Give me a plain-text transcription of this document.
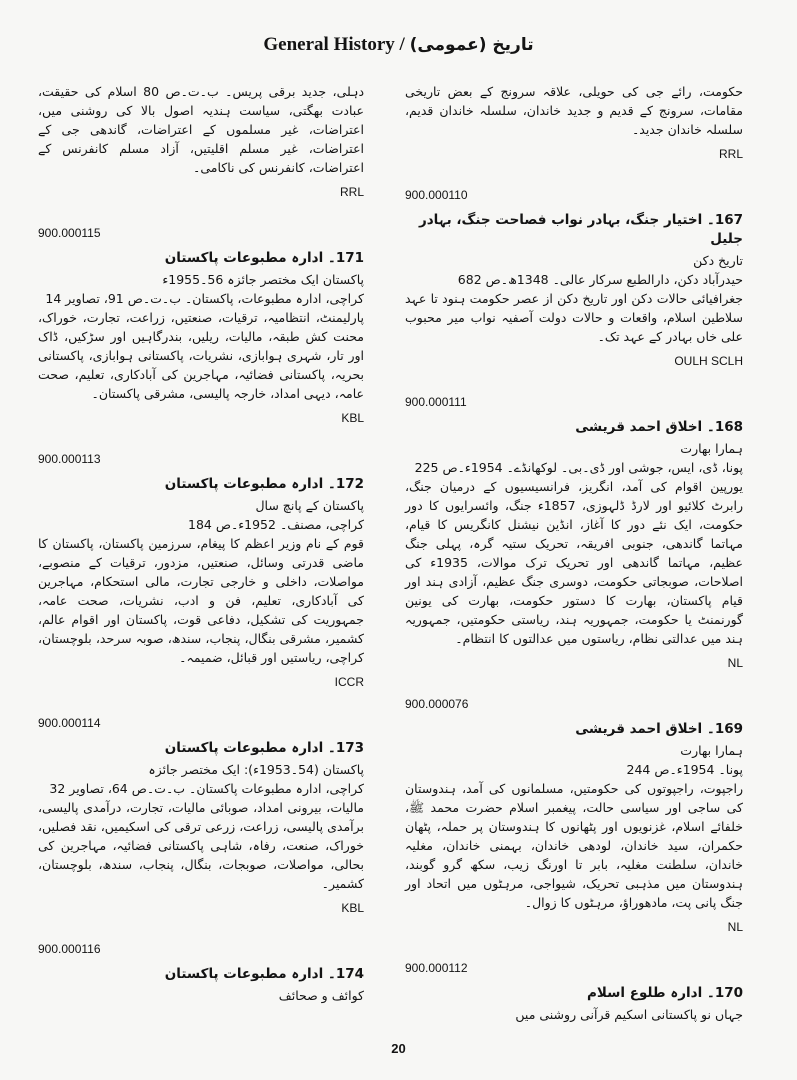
General History / تاریخ (عمومی)
حکومت، رائے جی کی حویلی، علاقہ سرونج کے بعض تاریخی مقامات، سرونج کے قدیم و جدید خاندان، سلسلہ خاندان قدیم، سلسلہ خاندان جدید۔
RRL
900.000110
167۔ اختیار جنگ، بہادر نواب فصاحت جنگ، بہادر جلیل
تاریخ دکن
حیدرآباد دکن، دارالطبع سرکار عالی۔ 1348ھ۔ص 682
جغرافیائی حالات دکن اور تاریخ دکن از عصر حکومت ہنود تا عہد سلاطین اسلام، واقعات و حالات دولت آصفیہ نواب میر محبوب علی خاں بہادر کے عہد تک۔
OULH SCLH
900.000111
168۔ اخلاق احمد قریشی
ہمارا بھارت
پونا، ڈی، ایس، جوشی اور ڈی۔بی۔ لوکھانڈے۔ 1954ء۔ص 225
یورپین اقوام کی آمد، انگریز، فرانسیسیوں کے درمیان جنگ، رابرٹ کلائیو اور لارڈ ڈلہوزی، 1857ء جنگ، وائسرایوں کا دور حکومت، ایک نئے دور کا آغاز، انڈین نیشنل کانگریس کا قیام، مہاتما گاندھی، جنوبی افریقہ، تحریک ستیہ گرہ، پہلی جنگ عظیم، مہاتما گاندھی اور تحریک ترک موالات، 1935ء کی اصلاحات، صوبجاتی حکومت، دوسری جنگ عظیم، آزادی ہند اور قیام پاکستان، بھارت کا دستور حکومت، بھارت کی یونین گورنمنٹ یا حکومت، جمہوریہ ہند، ریاستی حکومتیں، جمہوریہ ہند میں عدالتی نظام، ریاستوں میں عدالتوں کا انتظام۔
NL
900.000076
169۔ اخلاق احمد قریشی
ہمارا بھارت
پونا۔ 1954ء۔ص 244
راجپوت، راجپوتوں کی حکومتیں، مسلمانوں کی آمد، ہندوستان کی ساجی اور سیاسی حالت، پیغمبر اسلام حضرت محمد ﷺ، خلفائے اسلام، غزنویوں اور پٹھانوں کا ہندوستان پر حملہ، پٹھان حکمران، سید خاندان، لودھی خاندان، بہمنی خاندان، مغلیہ خاندان، سلطنت مغلیہ، بابر تا اورنگ زیب، سکھ گرو گوبند، ہندوستان میں مذہبی تحریک، شیواجی، مرہٹوں میں اتحاد اور جنگ پانی پت، مادھوراؤ، مرہٹوں کا زوال۔
NL
900.000112
170۔ ادارہ طلوع اسلام
جہاں نو پاکستانی اسکیم قرآنی روشنی میں
دہلی، جدید برقی پریس۔ ب۔ت۔ص 80 اسلام کی حقیقت، عبادت بھگتی، سیاست ہندیہ اصول بالا کی روشنی میں، اعتراضات، غیر مسلموں کے اعتراضات، گاندھی جی کے اعتراضات، غیر مسلم اقلیتیں، آزاد مسلم کانفرنس کے اعتراضات، کانفرنس کی ناکامی۔
RRL
900.000115
171۔ ادارہ مطبوعات پاکستان
پاکستان ایک مختصر جائزہ 56۔1955ء
کراچی، ادارہ مطبوعات، پاکستان۔ ب۔ت۔ص 91، تصاویر 14
پارلیمنٹ، انتظامیہ، ترقیات، صنعتیں، زراعت، تجارت، خوراک، محنت کش طبقہ، مالیات، ریلیں، بندرگاہیں اور سڑکیں، ڈاک اور تار، شہری ہوابازی، نشریات، پاکستانی ہوابازی، پاکستانی بحریہ، پاکستانی فضائیہ، مہاجرین کی آبادکاری، تعلیم، صحت عامہ، دیہی امداد، خارجہ پالیسی، مشرقی پاکستان۔
KBL
900.000113
172۔ ادارہ مطبوعات پاکستان
پاکستان کے پانچ سال
کراچی، مصنف۔ 1952ء۔ص 184
قوم کے نام وزیر اعظم کا پیغام، سرزمین پاکستان، پاکستان کا ماضی قدرتی وسائل، صنعتیں، مزدور، ترقیات کے منصوبے، مواصلات، داخلی و خارجی تجارت، مالی استحکام، مہاجرین کی آبادکاری، تعلیم، فن و ادب، نشریات، صحت عامہ، جمہوریت کی تشکیل، دفاعی قوت، پاکستان اور اقوام عالم، کشمیر، مشرقی بنگال، پنجاب، سندھ، صوبہ سرحد، بلوچستان، کراچی، ریاستیں اور قبائل، ضمیمہ۔
ICCR
900.000114
173۔ ادارہ مطبوعات پاکستان
پاکستان (54۔1953ء): ایک مختصر جائزہ
کراچی، ادارہ مطبوعات پاکستان۔ ب۔ت۔ص 64، تصاویر 32
مالیات، بیرونی امداد، صوبائی مالیات، تجارت، درآمدی پالیسی، برآمدی پالیسی، زراعت، زرعی ترقی کی اسکیمیں، نقد فصلیں، خوراک، صنعت، رفاہ، شاہی پاکستانی فضائیہ، مہاجرین کی بحالی، مواصلات، صوبجات، بنگال، پنجاب، سندھ، بلوچستان، کشمیر۔
KBL
900.000116
174۔ ادارہ مطبوعات پاکستان
کوائف و صحائف
20
